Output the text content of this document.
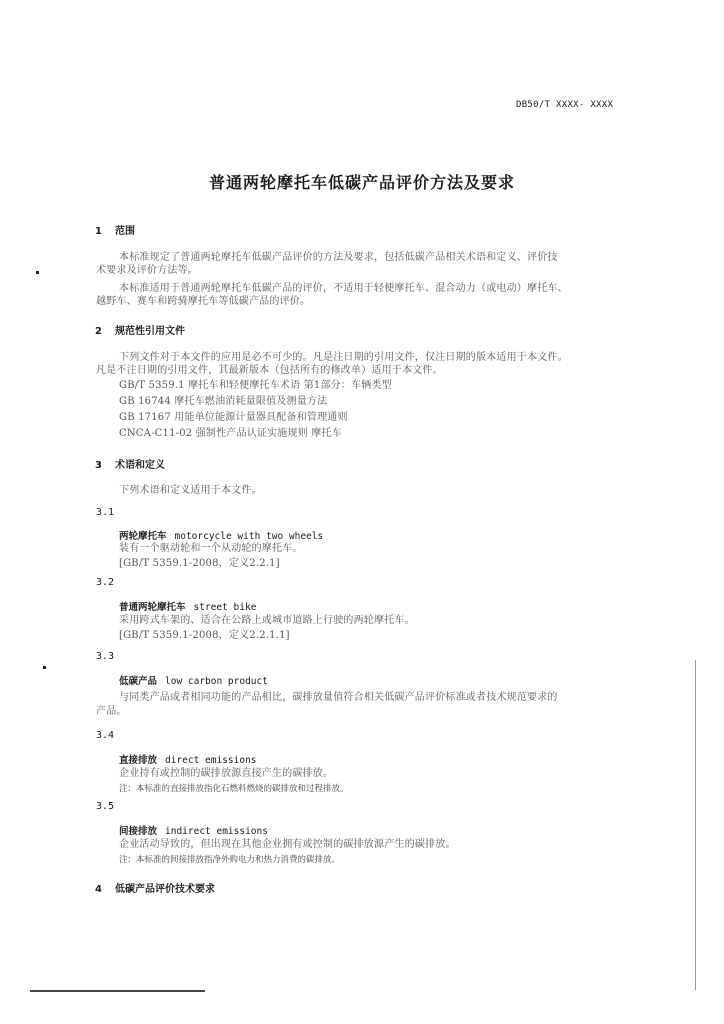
DB50/T XXXX- XXXX
普通两轮摩托车低碳产品评价方法及要求
1 范围
本标准规定了普通两轮摩托车低碳产品评价的方法及要求，包括低碳产品相关术语和定义、评价技
术要求及评价方法等。
本标准适用于普通两轮摩托车低碳产品的评价，不适用于轻便摩托车、混合动力（或电动）摩托车、
越野车、赛车和跨骑摩托车等低碳产品的评价。
2 规范性引用文件
下列文件对于本文件的应用是必不可少的。凡是注日期的引用文件，仅注日期的版本适用于本文件。
凡是不注日期的引用文件，其最新版本（包括所有的修改单）适用于本文件。
GB/T 5359.1 摩托车和轻便摩托车术语 第1部分：车辆类型
GB 16744 摩托车燃油消耗量限值及测量方法
GB 17167 用能单位能源计量器具配备和管理通则
CNCA-C11-02 强制性产品认证实施规则 摩托车
3 术语和定义
下列术语和定义适用于本文件。
3.1
两轮摩托车 motorcycle with two wheels
装有一个驱动轮和一个从动轮的摩托车。
[GB/T 5359.1-2008，定义2.2.1]
3.2
普通两轮摩托车 street bike
采用跨式车架的、适合在公路上或城市道路上行驶的两轮摩托车。
[GB/T 5359.1-2008，定义2.2.1.1]
3.3
低碳产品 low carbon product
与同类产品或者相同功能的产品相比，碳排放量值符合相关低碳产品评价标准或者技术规范要求的
产品。
3.4
直接排放 direct emissions
企业持有或控制的碳排放源直接产生的碳排放。
注：本标准的直接排放指化石燃料燃烧的碳排放和过程排放。
3.5
间接排放 indirect emissions
企业活动导致的，但出现在其他企业拥有或控制的碳排放源产生的碳排放。
注：本标准的间接排放指净外购电力和热力消费的碳排放。
4 低碳产品评价技术要求
